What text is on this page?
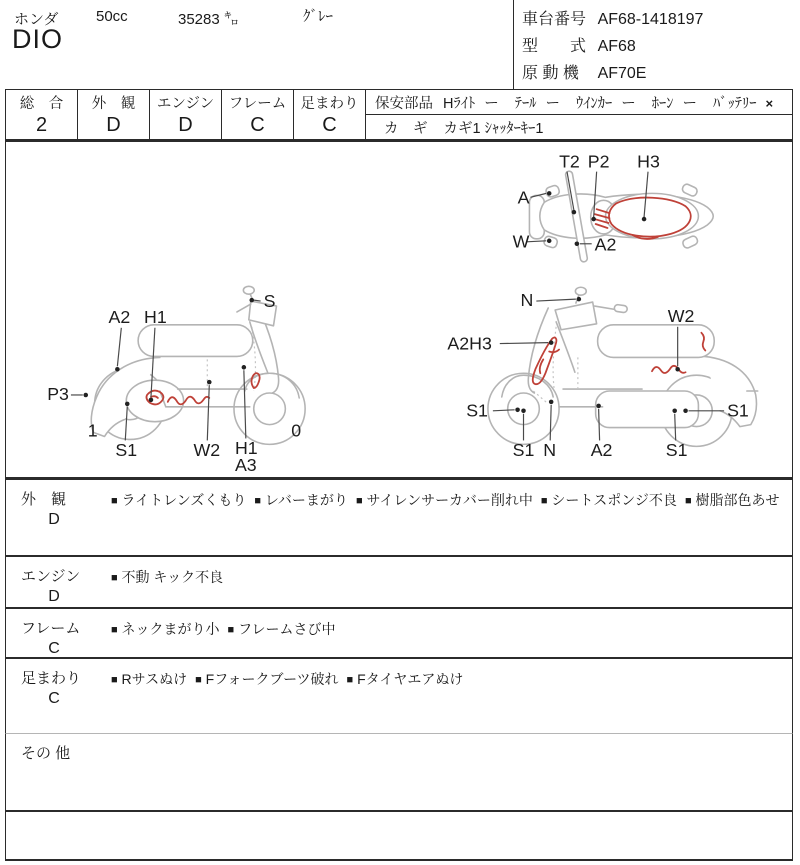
ホンダ	50cc	35283 ㌔	ｸﾞﾚｰ
DIO
車台番号 AF68-1418197
型　　式 AF68
原 動 機 AF70E
総　合
2
外　観
D
エンジン
D
フレーム
C
足まわり
C
保安部品 Hﾗｲﾄ ー ﾃｰﾙ ー ｳｲﾝｶｰ ー ﾎｰﾝ ー ﾊﾞｯﾃﾘｰ ×
カ　ギ カギ1 ｼｬｯﾀｰｷｰ1
T2 P2 H3
A
W	A2
S
A2 H1
P3
1
S1	W2 H1
A3
0
N
A2H3
W2
S1
S1 N A2	S1
S1
外　観
D
■ ライトレンズくもり ■ レバーまがり ■ サイレンサーカバー削れ中 ■ シートスポンジ不良 ■ 樹脂部色あせ
エンジン
D
■ 不動 キック不良
フレーム
C
■ ネックまがり小 ■ フレームさび中
足まわり
C
■ Rサスぬけ ■ Fフォークブーツ破れ ■ Fタイヤエアぬけ
その 他
